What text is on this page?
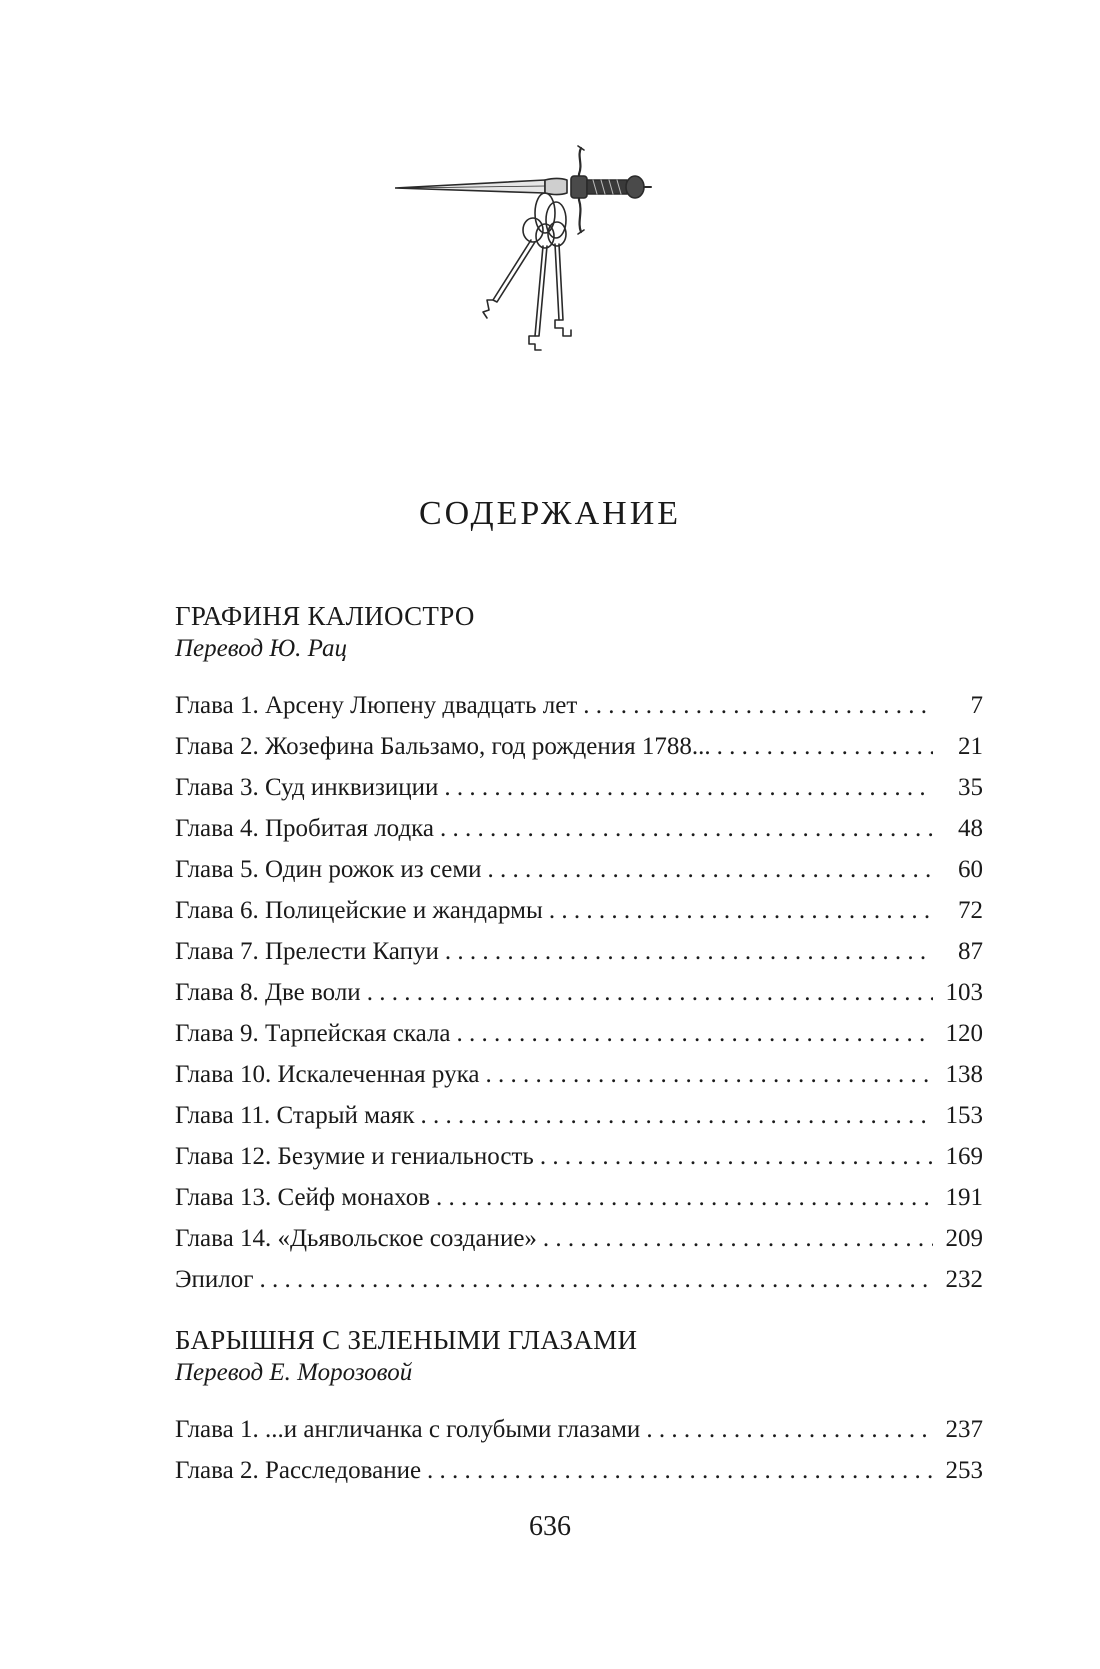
СОДЕРЖАНИЕ
ГРАФИНЯ КАЛИОСТРО
Перевод Ю. Рац
Глава 1. Арсену Люпену двадцать лет . . .	7
Глава 2. Жозефина Бальзамо, год рождения 1788... . . .	21
Глава 3. Суд инквизиции . . .	35
Глава 4. Пробитая лодка . . .	48
Глава 5. Один рожок из семи . . .	60
Глава 6. Полицейские и жандармы . . .	72
Глава 7. Прелести Капуи . . .	87
Глава 8. Две воли . . .	103
Глава 9. Тарпейская скала . . .	120
Глава 10. Искалеченная рука . . .	138
Глава 11. Старый маяк . . .	153
Глава 12. Безумие и гениальность . . .	169
Глава 13. Сейф монахов . . .	191
Глава 14. «Дьявольское создание» . . .	209
Эпилог . . .	232
БАРЫШНЯ С ЗЕЛЕНЫМИ ГЛАЗАМИ
Перевод Е. Морозовой
Глава 1. ...и англичанка с голубыми глазами . . .	237
Глава 2. Расследование . . .	253
636
